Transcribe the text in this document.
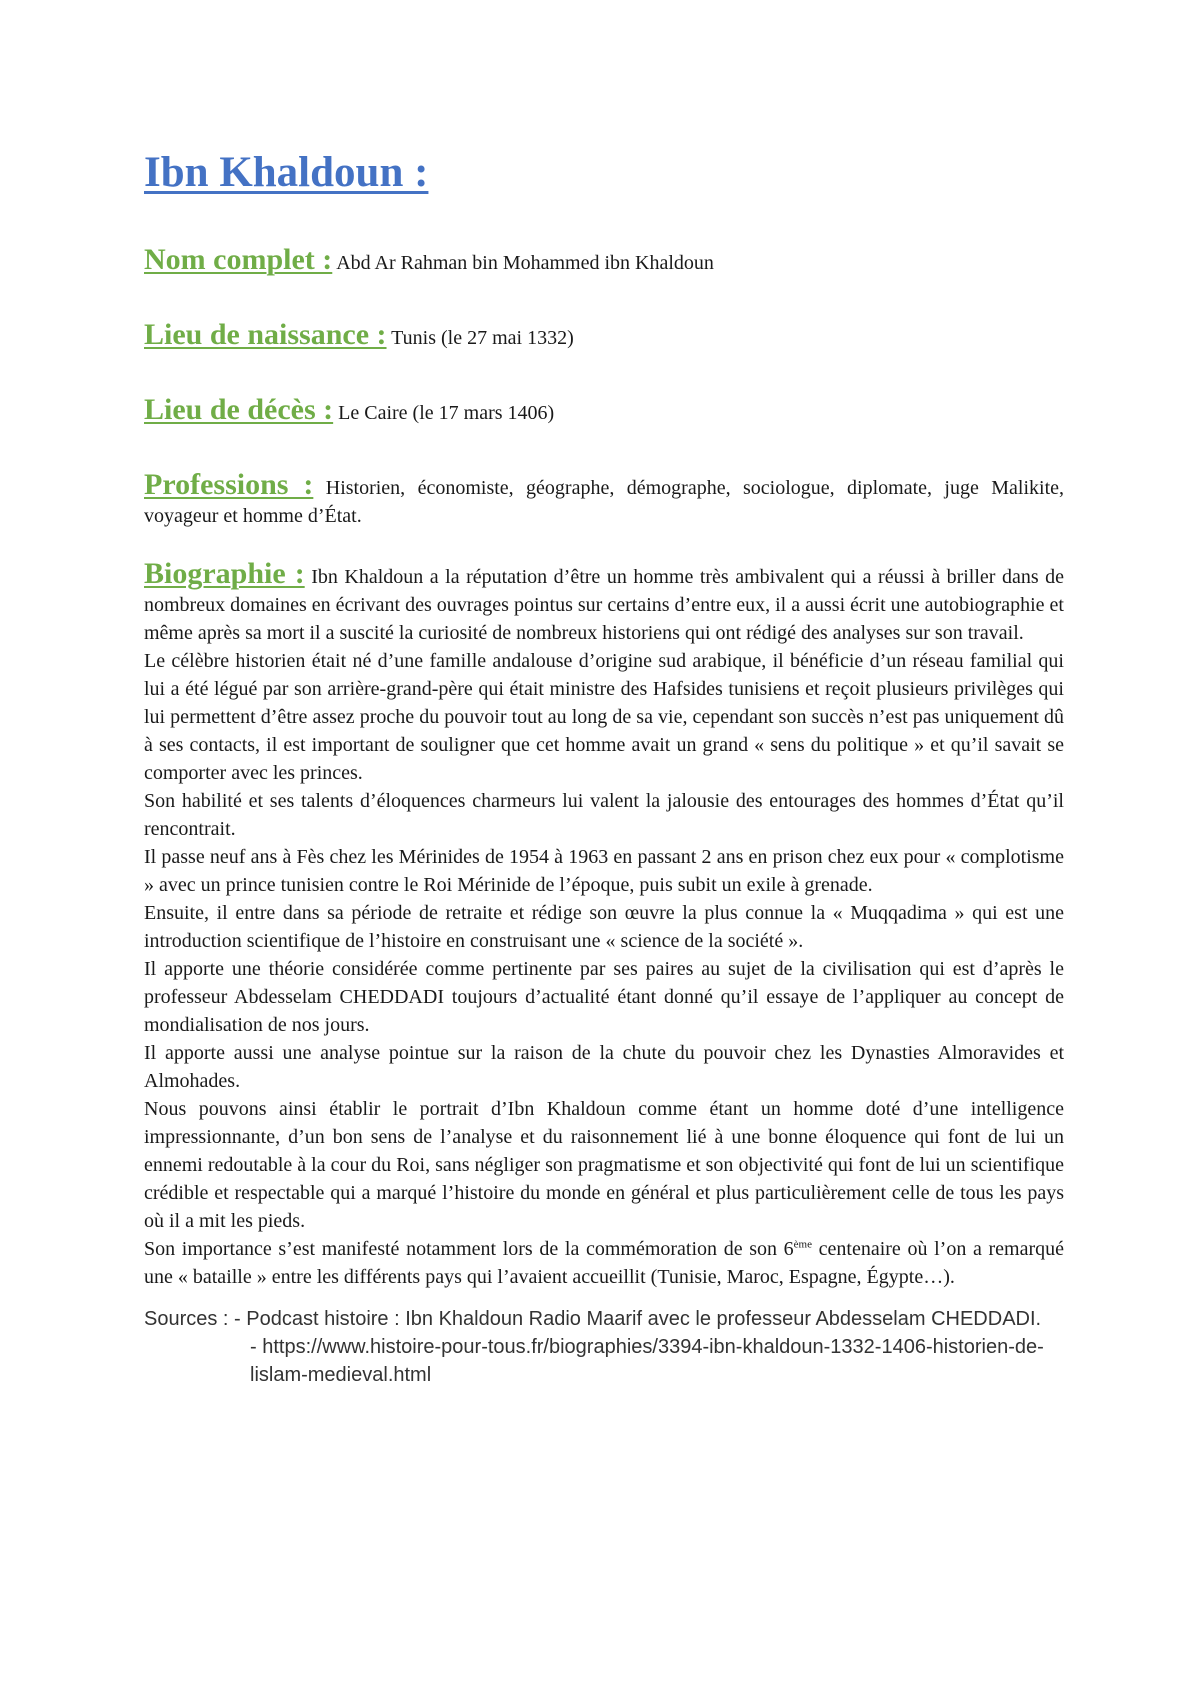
Ibn Khaldoun :

Nom complet : Abd Ar Rahman bin Mohammed ibn Khaldoun

Lieu de naissance : Tunis (le 27 mai 1332)

Lieu de décès : Le Caire (le 17 mars 1406)

Professions : Historien, économiste, géographe, démographe, sociologue, diplomate, juge Malikite, voyageur et homme d’État.

Biographie : Ibn Khaldoun a la réputation d’être un homme très ambivalent qui a réussi à briller dans de nombreux domaines en écrivant des ouvrages pointus sur certains d’entre eux, il a aussi écrit une autobiographie et même après sa mort il a suscité la curiosité de nombreux historiens qui ont rédigé des analyses sur son travail.

Le célèbre historien était né d’une famille andalouse d’origine sud arabique, il bénéficie d’un réseau familial qui lui a été légué par son arrière-grand-père qui était ministre des Hafsides tunisiens et reçoit plusieurs privilèges qui lui permettent d’être assez proche du pouvoir tout au long de sa vie, cependant son succès n’est pas uniquement dû à ses contacts, il est important de souligner que cet homme avait un grand « sens du politique » et qu’il savait se comporter avec les princes.

Son habilité et ses talents d’éloquences charmeurs lui valent la jalousie des entourages des hommes d’État qu’il rencontrait.

Il passe neuf ans à Fès chez les Mérinides de 1954 à 1963 en passant 2 ans en prison chez eux pour « complotisme » avec un prince tunisien contre le Roi Mérinide de l’époque, puis subit un exile à grenade.

Ensuite, il entre dans sa période de retraite et rédige son œuvre la plus connue la « Muqqadima » qui est une introduction scientifique de l’histoire en construisant une « science de la société ».

Il apporte une théorie considérée comme pertinente par ses paires au sujet de la civilisation qui est d’après le professeur Abdesselam CHEDDADI toujours d’actualité étant donné qu’il essaye de l’appliquer au concept de mondialisation de nos jours.

Il apporte aussi une analyse pointue sur la raison de la chute du pouvoir chez les Dynasties Almoravides et Almohades.

Nous pouvons ainsi établir le portrait d’Ibn Khaldoun comme étant un homme doté d’une intelligence impressionnante, d’un bon sens de l’analyse et du raisonnement lié à une bonne éloquence qui font de lui un ennemi redoutable à la cour du Roi, sans négliger son pragmatisme et son objectivité qui font de lui un scientifique crédible et respectable qui a marqué l’histoire du monde en général et plus particulièrement celle de tous les pays où il a mit les pieds.

Son importance s’est manifesté notamment lors de la commémoration de son 6ème centenaire où l’on a remarqué une « bataille » entre les différents pays qui l’avaient accueillit (Tunisie, Maroc, Espagne, Égypte…).

Sources : - Podcast histoire : Ibn Khaldoun Radio Maarif avec le professeur Abdesselam CHEDDADI.

- https://www.histoire-pour-tous.fr/biographies/3394-ibn-khaldoun-1332-1406-historien-de-lislam-medieval.html
